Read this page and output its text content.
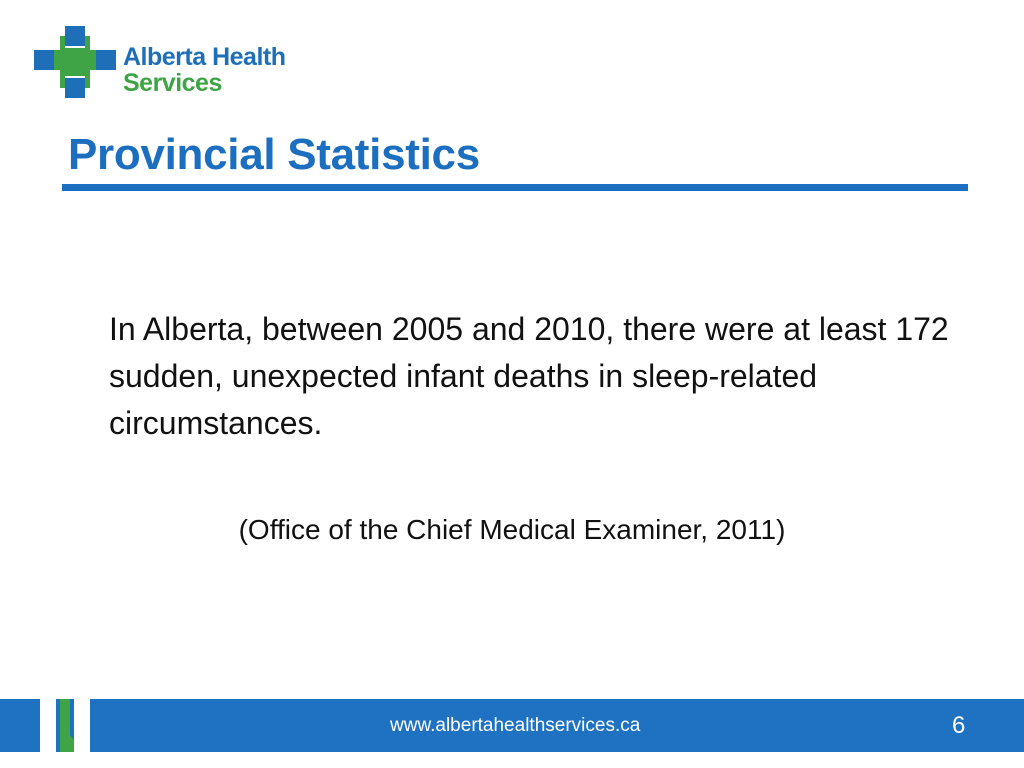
Alberta Health
Services
Provincial Statistics

In Alberta, between 2005 and 2010, there were at least 172 sudden, unexpected infant deaths in sleep-related circumstances.

(Office of the Chief Medical Examiner, 2011)

www.albertahealthservices.ca	6
